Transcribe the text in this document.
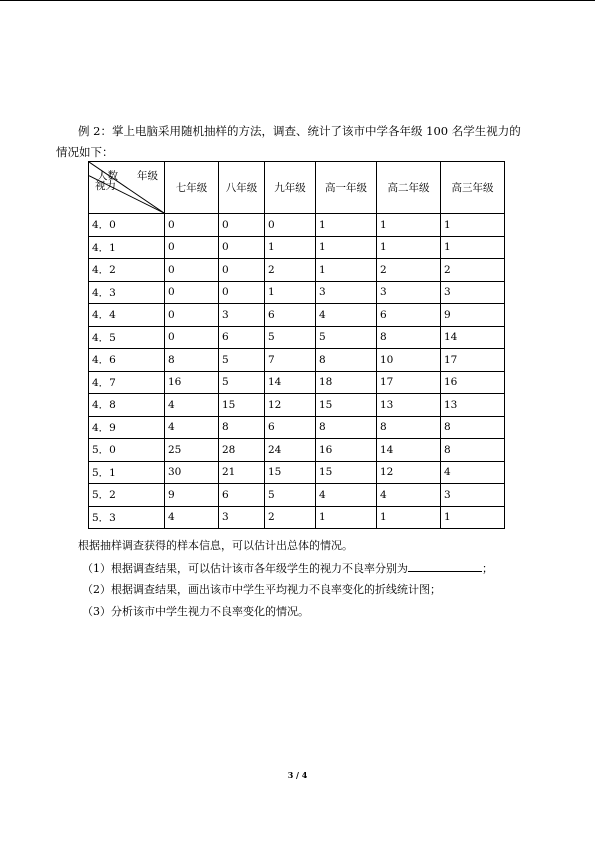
例 2：掌上电脑采用随机抽样的方法，调查、统计了该市中学各年级 100 名学生视力的
情况如下：
年级
人数
视力	七年级	八年级	九年级	高一年级	高二年级	高三年级
4．0	0	0	0	1	1	1
4．1	0	0	1	1	1	1
4．2	0	0	2	1	2	2
4．3	0	0	1	3	3	3
4．4	0	3	6	4	6	9
4．5	0	6	5	5	8	14
4．6	8	5	7	8	10	17
4．7	16	5	14	18	17	16
4．8	4	15	12	15	13	13
4．9	4	8	6	8	8	8
5．0	25	28	24	16	14	8
5．1	30	21	15	15	12	4
5．2	9	6	5	4	4	3
5．3	4	3	2	1	1	1
根据抽样调查获得的样本信息，可以估计出总体的情况。
（1）根据调查结果，可以估计该市各年级学生的视力不良率分别为	；
（2）根据调查结果，画出该市中学生平均视力不良率变化的折线统计图；
（3）分析该市中学生视力不良率变化的情况。
3 / 4
